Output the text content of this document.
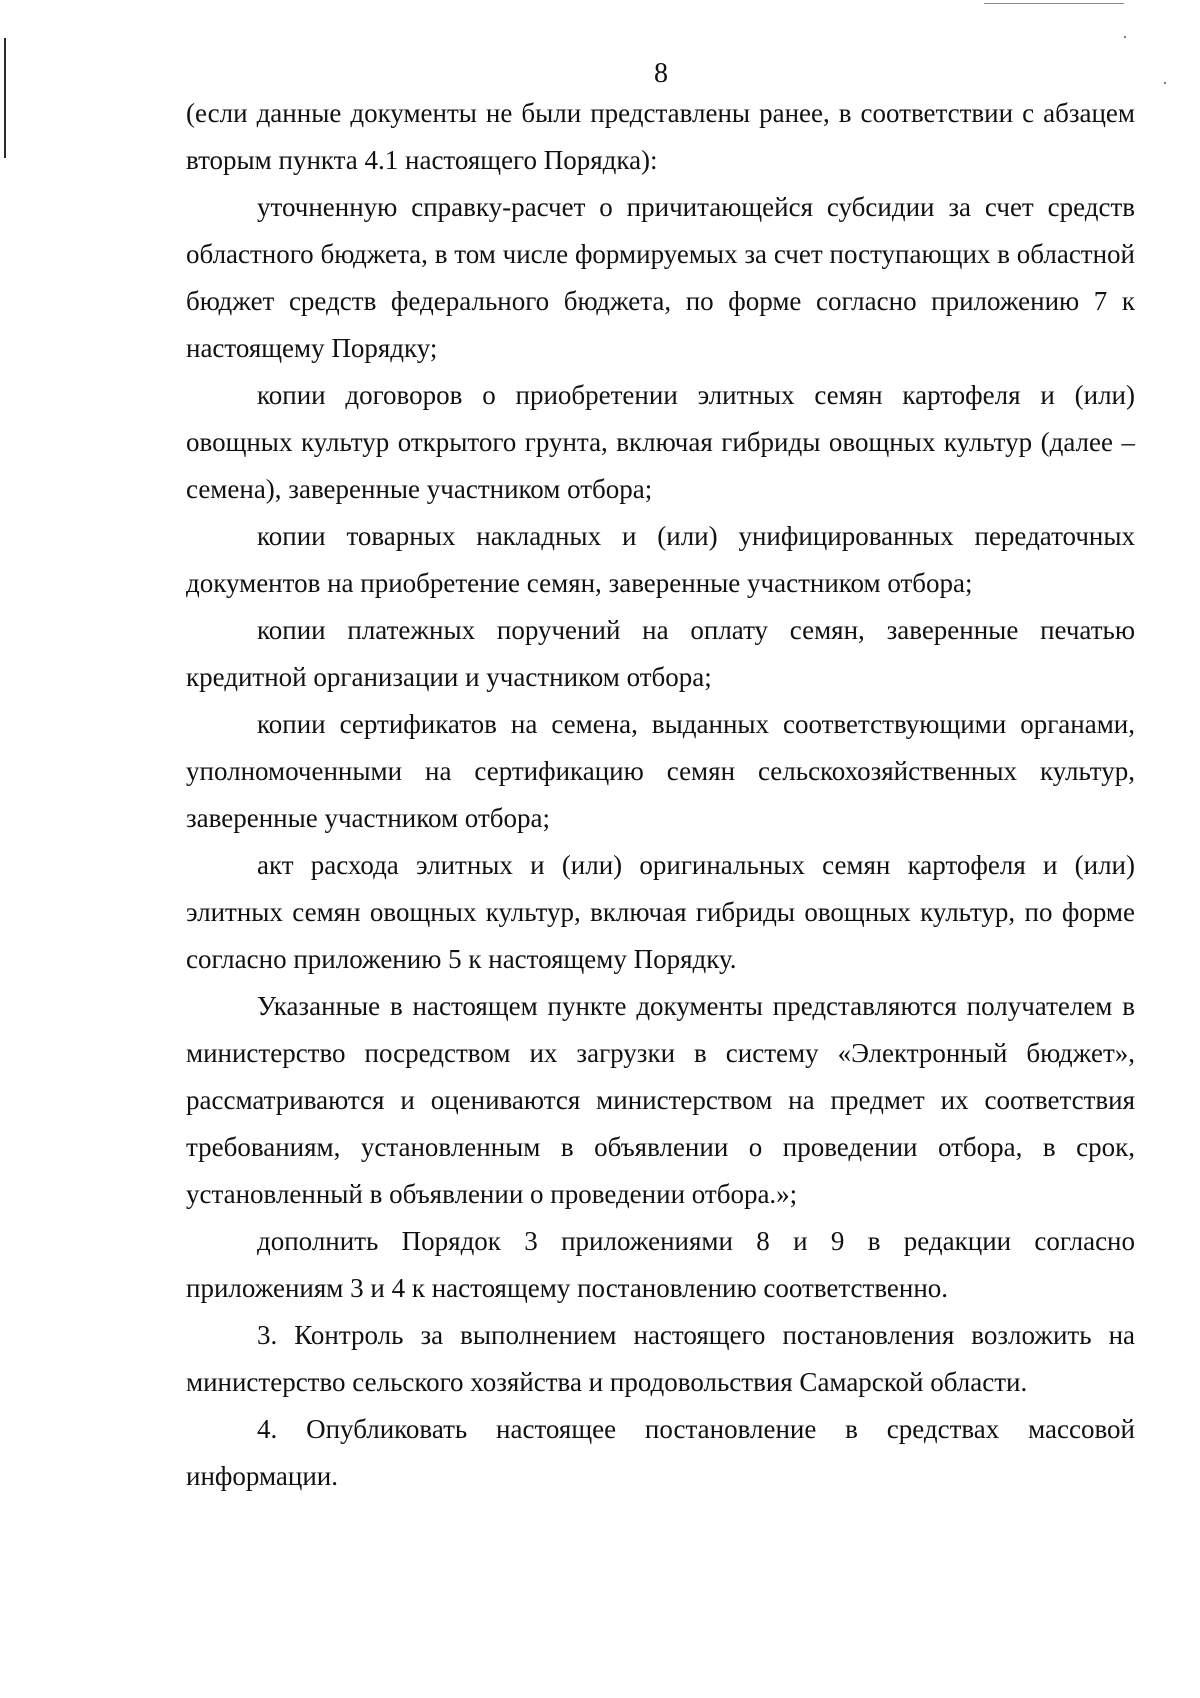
8

(если данные документы не были представлены ранее, в соответствии с абзацем вторым пункта 4.1 настоящего Порядка):

уточненную справку-расчет о причитающейся субсидии за счет средств областного бюджета, в том числе формируемых за счет поступающих в областной бюджет средств федерального бюджета, по форме согласно приложению 7 к настоящему Порядку;

копии договоров о приобретении элитных семян картофеля и (или) овощных культур открытого грунта, включая гибриды овощных культур (далее – семена), заверенные участником отбора;

копии товарных накладных и (или) унифицированных передаточных документов на приобретение семян, заверенные участником отбора;

копии платежных поручений на оплату семян, заверенные печатью кредитной организации и участником отбора;

копии сертификатов на семена, выданных соответствующими органами, уполномоченными на сертификацию семян сельскохозяйственных культур, заверенные участником отбора;

акт расхода элитных и (или) оригинальных семян картофеля и (или) элитных семян овощных культур, включая гибриды овощных культур, по форме согласно приложению 5 к настоящему Порядку.

Указанные в настоящем пункте документы представляются получателем в министерство посредством их загрузки в систему «Электронный бюджет», рассматриваются и оцениваются министерством на предмет их соответствия требованиям, установленным в объявлении о проведении отбора, в срок, установленный в объявлении о проведении отбора.»;

дополнить Порядок 3 приложениями 8 и 9 в редакции согласно приложениям 3 и 4 к настоящему постановлению соответственно.

3. Контроль за выполнением настоящего постановления возложить на министерство сельского хозяйства и продовольствия Самарской области.

4. Опубликовать настоящее постановление в средствах массовой информации.
